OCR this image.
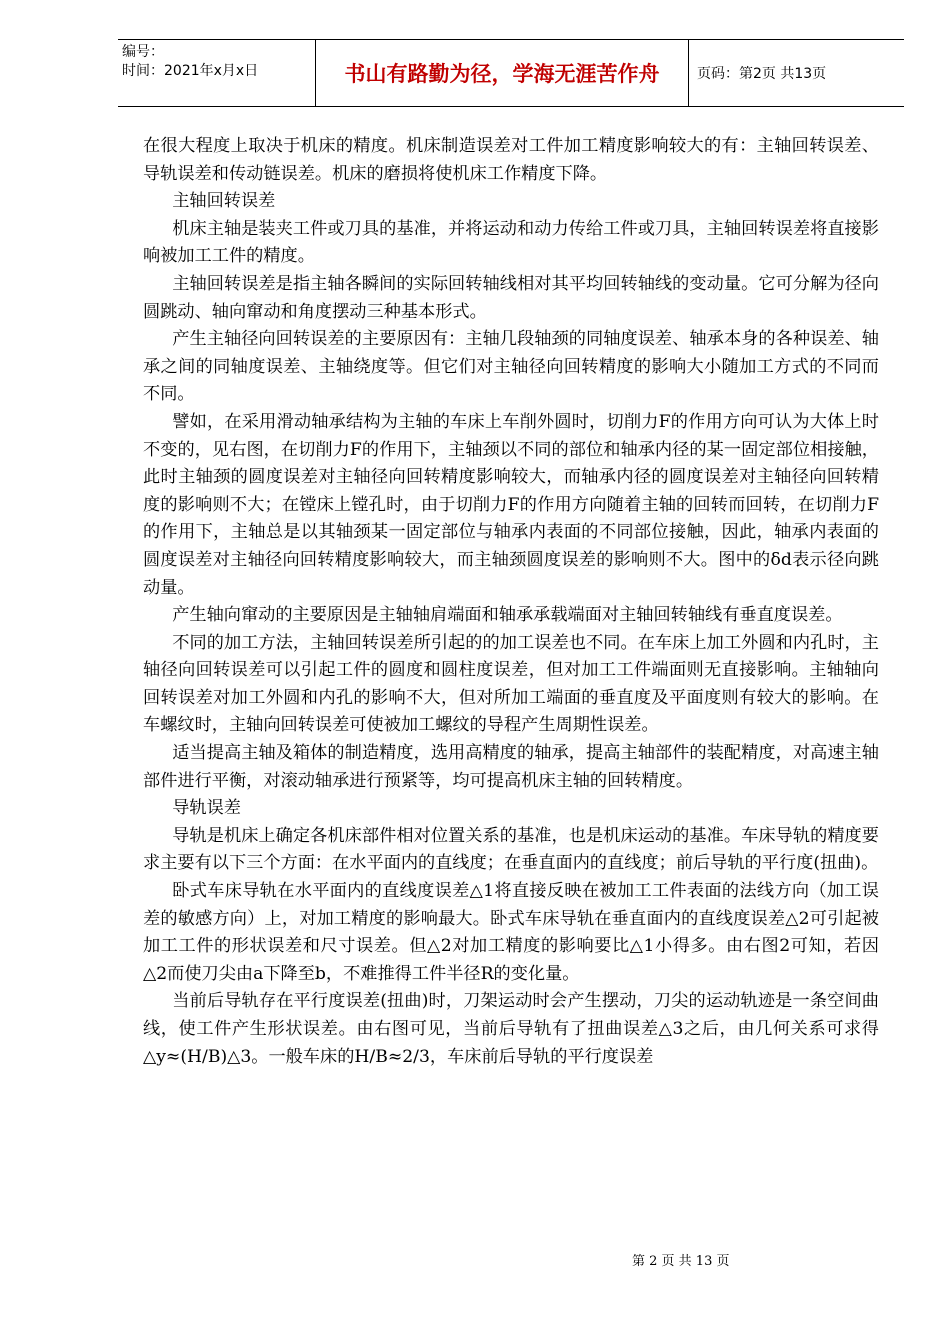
编号：
时间：2021年x月x日	书山有路勤为径，学海无涯苦作舟	页码：第2页 共13页

在很大程度上取决于机床的精度。机床制造误差对工件加工精度影响较大的有：主轴回转误差、导轨误差和传动链误差。机床的磨损将使机床工作精度下降。

主轴回转误差

机床主轴是装夹工件或刀具的基准，并将运动和动力传给工件或刀具，主轴回转误差将直接影响被加工工件的精度。

主轴回转误差是指主轴各瞬间的实际回转轴线相对其平均回转轴线的变动量。它可分解为径向圆跳动、轴向窜动和角度摆动三种基本形式。

产生主轴径向回转误差的主要原因有：主轴几段轴颈的同轴度误差、轴承本身的各种误差、轴承之间的同轴度误差、主轴绕度等。但它们对主轴径向回转精度的影响大小随加工方式的不同而不同。

譬如，在采用滑动轴承结构为主轴的车床上车削外圆时，切削力F的作用方向可认为大体上时不变的，见右图，在切削力F的作用下，主轴颈以不同的部位和轴承内径的某一固定部位相接触，此时主轴颈的圆度误差对主轴径向回转精度影响较大，而轴承内径的圆度误差对主轴径向回转精度的影响则不大；在镗床上镗孔时，由于切削力F的作用方向随着主轴的回转而回转，在切削力F的作用下，主轴总是以其轴颈某一固定部位与轴承内表面的不同部位接触，因此，轴承内表面的圆度误差对主轴径向回转精度影响较大，而主轴颈圆度误差的影响则不大。图中的δd表示径向跳动量。

产生轴向窜动的主要原因是主轴轴肩端面和轴承承载端面对主轴回转轴线有垂直度误差。

不同的加工方法，主轴回转误差所引起的的加工误差也不同。在车床上加工外圆和内孔时，主轴径向回转误差可以引起工件的圆度和圆柱度误差，但对加工工件端面则无直接影响。主轴轴向回转误差对加工外圆和内孔的影响不大，但对所加工端面的垂直度及平面度则有较大的影响。在车螺纹时，主轴向回转误差可使被加工螺纹的导程产生周期性误差。

适当提高主轴及箱体的制造精度，选用高精度的轴承，提高主轴部件的装配精度，对高速主轴部件进行平衡，对滚动轴承进行预紧等，均可提高机床主轴的回转精度。

导轨误差

导轨是机床上确定各机床部件相对位置关系的基准，也是机床运动的基准。车床导轨的精度要求主要有以下三个方面：在水平面内的直线度；在垂直面内的直线度；前后导轨的平行度(扭曲)。

卧式车床导轨在水平面内的直线度误差△1将直接反映在被加工工件表面的法线方向（加工误差的敏感方向）上，对加工精度的影响最大。卧式车床导轨在垂直面内的直线度误差△2可引起被加工工件的形状误差和尺寸误差。但△2对加工精度的影响要比△1小得多。由右图2可知，若因△2而使刀尖由a下降至b，不难推得工件半径R的变化量。

当前后导轨存在平行度误差(扭曲)时，刀架运动时会产生摆动，刀尖的运动轨迹是一条空间曲线，使工件产生形状误差。由右图可见，当前后导轨有了扭曲误差△3之后，由几何关系可求得△y≈(H/B)△3。一般车床的H/B≈2/3，车床前后导轨的平行度误差

第 2 页 共 13 页
